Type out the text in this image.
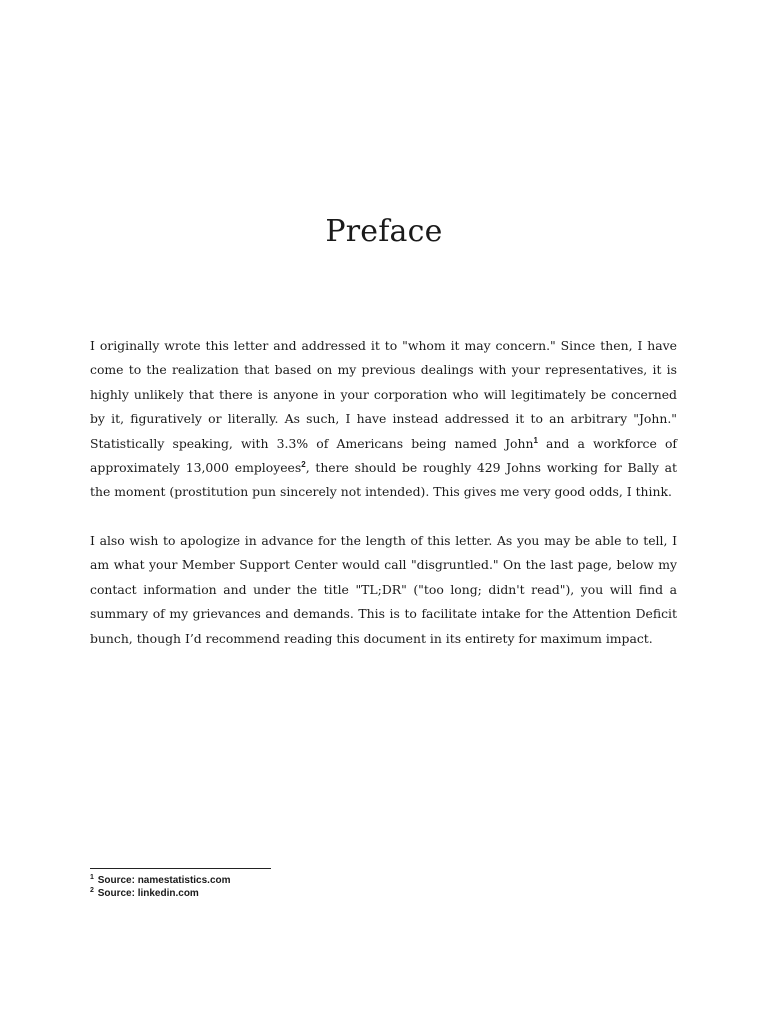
Preface

I originally wrote this letter and addressed it to "whom it may concern." Since then, I have come to the realization that based on my previous dealings with your representatives, it is highly unlikely that there is anyone in your corporation who will legitimately be concerned by it, figuratively or literally. As such, I have instead addressed it to an arbitrary "John." Statistically speaking, with 3.3% of Americans being named John$^1$ and a workforce of approximately 13,000 employees$^2$, there should be roughly 429 Johns working for Bally at the moment (prostitution pun sincerely not intended). This gives me very good odds, I think.

I also wish to apologize in advance for the length of this letter. As you may be able to tell, I am what your Member Support Center would call "disgruntled." On the last page, below my contact information and under the title "TL;DR" ("too long; didn't read"), you will find a summary of my grievances and demands. This is to facilitate intake for the Attention Deficit bunch, though I’d recommend reading this document in its entirety for maximum impact.

$^1$ Source: namestatistics.com
$^2$ Source: linkedin.com
